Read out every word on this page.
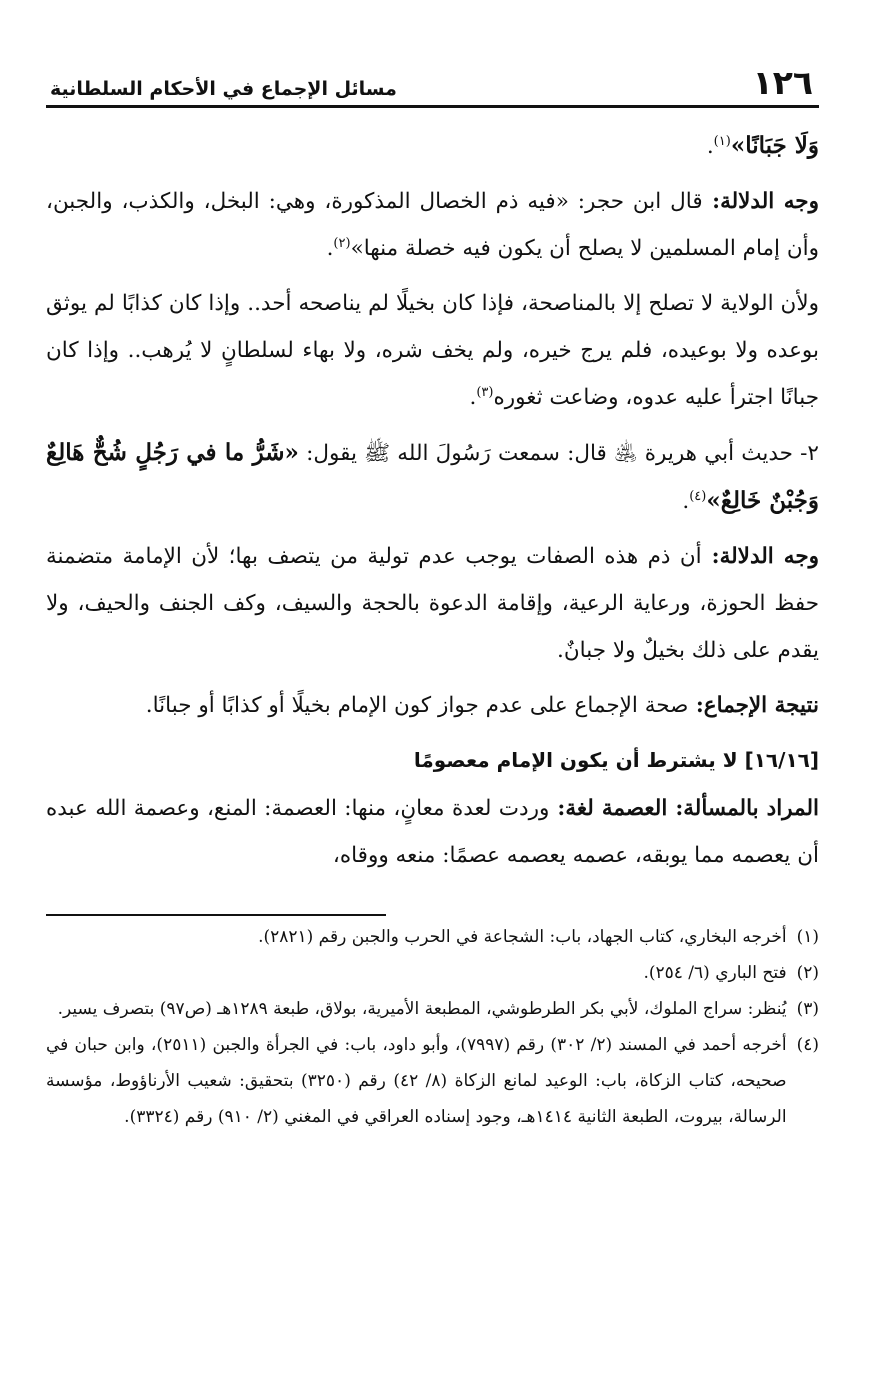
١٢٦
مسائل الإجماع في الأحكام السلطانية

وَلَا جَبَانًا»$^{(١)}$.

وجه الدلالة: قال ابن حجر: «فيه ذم الخصال المذكورة، وهي: البخل، والكذب، والجبن، وأن إمام المسلمين لا يصلح أن يكون فيه خصلة منها»$^{(٢)}$.

ولأن الولاية لا تصلح إلا بالمناصحة، فإذا كان بخيلًا لم يناصحه أحد.. وإذا كان كذابًا لم يوثق بوعده ولا بوعيده، فلم يرج خيره، ولم يخف شره، ولا بهاء لسلطانٍ لا يُرهب.. وإذا كان جبانًا اجترأ عليه عدوه، وضاعت ثغوره$^{(٣)}$.

٢- حديث أبي هريرة ﵁ قال: سمعت رَسُولَ الله ﷺ يقول: «شَرُّ ما في رَجُلٍ شُحٌّ هَالِعٌ وَجُبْنٌ خَالِعٌ»$^{(٤)}$.

وجه الدلالة: أن ذم هذه الصفات يوجب عدم تولية من يتصف بها؛ لأن الإمامة متضمنة حفظ الحوزة، ورعاية الرعية، وإقامة الدعوة بالحجة والسيف، وكف الجنف والحيف، ولا يقدم على ذلك بخيلٌ ولا جبانٌ.

نتيجة الإجماع: صحة الإجماع على عدم جواز كون الإمام بخيلًا أو كذابًا أو جبانًا.

[١٦/١٦] لا يشترط أن يكون الإمام معصومًا

المراد بالمسألة: العصمة لغة: وردت لعدة معانٍ، منها: العصمة: المنع، وعصمة الله عبده أن يعصمه مما يوبقه، عصمه يعصمه عصمًا: منعه ووقاه،

(١)
أخرجه البخاري، كتاب الجهاد، باب: الشجاعة في الحرب والجبن رقم (٢٨٢١).
(٢)
فتح الباري (٦/ ٢٥٤).
(٣)
يُنظر: سراج الملوك، لأبي بكر الطرطوشي، المطبعة الأميرية، بولاق، طبعة ١٢٨٩هـ (ص٩٧) بتصرف يسير.
(٤)
أخرجه أحمد في المسند (٢/ ٣٠٢) رقم (٧٩٩٧)، وأبو داود، باب: في الجرأة والجبن (٢٥١١)، وابن حبان في صحيحه، كتاب الزكاة، باب: الوعيد لمانع الزكاة (٨/ ٤٢) رقم (٣٢٥٠) بتحقيق: شعيب الأرناؤوط، مؤسسة الرسالة، بيروت، الطبعة الثانية ١٤١٤هـ، وجود إسناده العراقي في المغني (٢/ ٩١٠) رقم (٣٣٢٤).
